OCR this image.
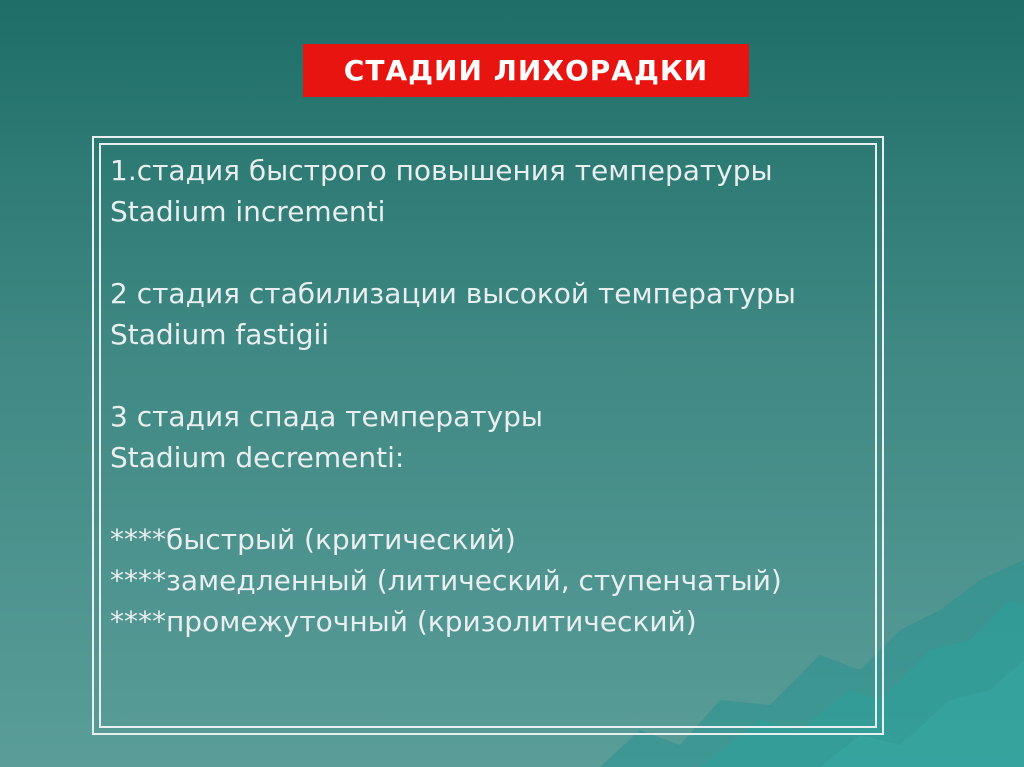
СТАДИИ ЛИХОРАДКИ
1.стадия быстрого повышения температуры
Stadium incrementi
2 стадия стабилизации высокой температуры
Stadium fastigii
3 стадия спада температуры
Stadium decrementi:
****быстрый (критический)
****замедленный (литический, ступенчатый)
****промежуточный (кризолитический)
